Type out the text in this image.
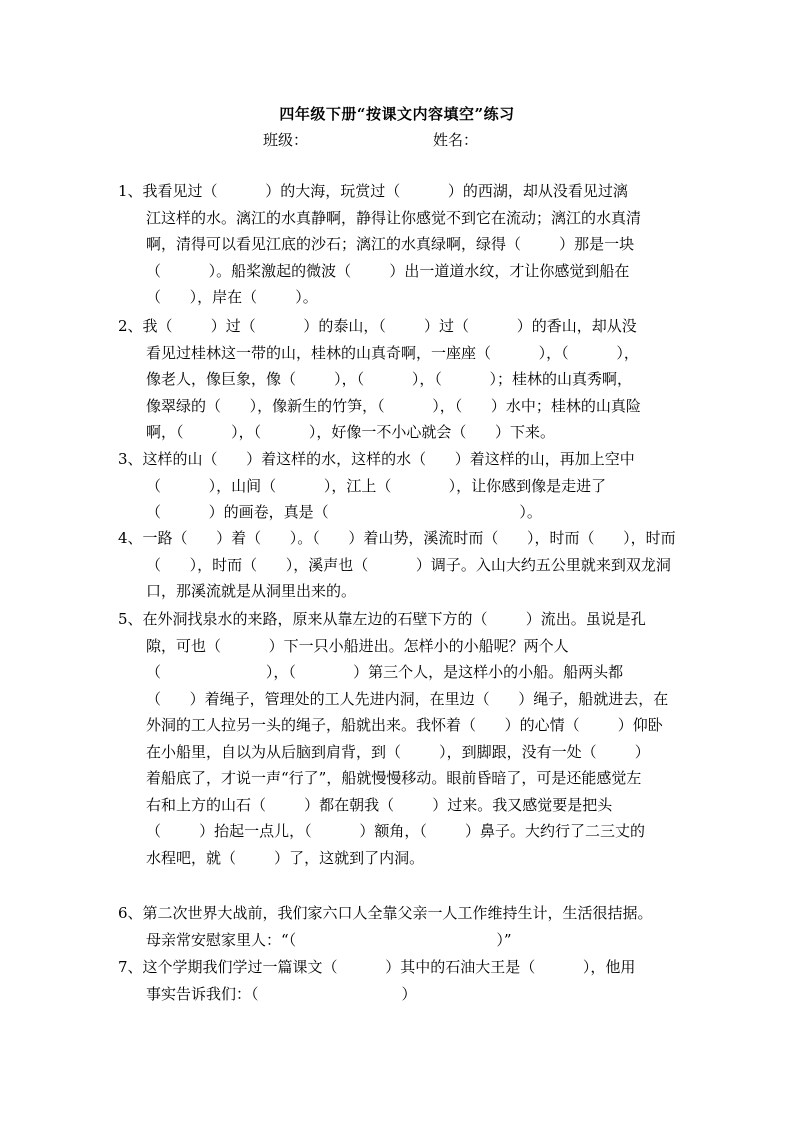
四年级下册“按课文内容填空”练习
班级：	姓名：
1、我看见过（          ）的大海，玩赏过（          ）的西湖，却从没看见过漓
江这样的水。漓江的水真静啊，静得让你感觉不到它在流动；漓江的水真清
啊，清得可以看见江底的沙石；漓江的水真绿啊，绿得（        ）那是一块
（          ）。船桨激起的微波（        ）出一道道水纹，才让你感觉到船在
（      ），岸在（        ）。
2、我（        ）过（          ）的泰山，（        ）过（          ）的香山，却从没
看见过桂林这一带的山，桂林的山真奇啊，一座座（          ），（          ），
像老人，像巨象，像（        ），（          ），（          ）；桂林的山真秀啊，
像翠绿的（      ），像新生的竹笋，（          ），（      ）水中；桂林的山真险
啊，（          ），（          ），好像一不小心就会（      ）下来。
3、这样的山（      ）着这样的水，这样的水（      ）着这样的山，再加上空中
（          ），山间（          ），江上（            ），让你感到像是走进了
（          ）的画卷，真是（                                        ）。
4、一路（      ）着（      ）。（      ）着山势，溪流时而（      ），时而（      ），时而
（      ），时而（      ），溪声也（          ）调子。入山大约五公里就来到双龙洞
口，那溪流就是从洞里出来的。
5、在外洞找泉水的来路，原来从靠左边的石壁下方的（        ）流出。虽说是孔
隙，可也（          ）下一只小船进出。怎样小的小船呢？两个人
（                      ），（            ）第三个人，是这样小的小船。船两头都
（      ）着绳子，管理处的工人先进内洞，在里边（      ）绳子，船就进去，在
外洞的工人拉另一头的绳子，船就出来。我怀着（      ）的心情（        ）仰卧
在小船里，自以为从后脑到肩背，到（        ），到脚跟，没有一处（        ）
着船底了，才说一声“行了”，船就慢慢移动。眼前昏暗了，可是还能感觉左
右和上方的山石（        ）都在朝我（        ）过来。我又感觉要是把头
（        ）抬起一点儿，（          ）额角，（        ）鼻子。大约行了二三丈的
水程吧，就（        ）了，这就到了内洞。
6、第二次世界大战前，我们家六口人全靠父亲一人工作维持生计，生活很拮据。
母亲常安慰家里人：“（                                          ）”
7、这个学期我们学过一篇课文（          ）其中的石油大王是（          ），他用
事实告诉我们：（                              ）
